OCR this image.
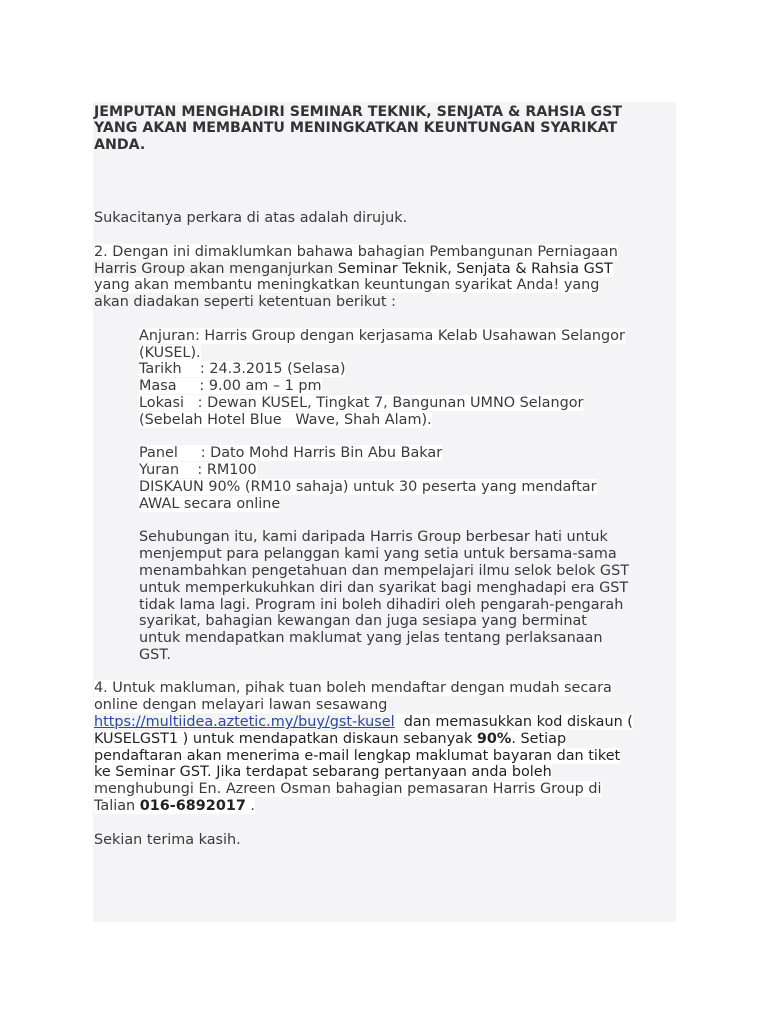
JEMPUTAN MENGHADIRI SEMINAR TEKNIK, SENJATA & RAHSIA GST
YANG AKAN MEMBANTU MENINGKATKAN KEUNTUNGAN SYARIKAT
ANDA.
Sukacitanya perkara di atas adalah dirujuk.
2. Dengan ini dimaklumkan bahawa bahagian Pembangunan Perniagaan
Harris Group akan menganjurkan Seminar Teknik, Senjata & Rahsia GST
yang akan membantu meningkatkan keuntungan syarikat Anda! yang
akan diadakan seperti ketentuan berikut :
Anjuran: Harris Group dengan kerjasama Kelab Usahawan Selangor
(KUSEL).
Tarikh    : 24.3.2015 (Selasa)
Masa     : 9.00 am – 1 pm
Lokasi   : Dewan KUSEL, Tingkat 7, Bangunan UMNO Selangor
(Sebelah Hotel Blue   Wave, Shah Alam).
Panel     : Dato Mohd Harris Bin Abu Bakar
Yuran    : RM100
DISKAUN 90% (RM10 sahaja) untuk 30 peserta yang mendaftar
AWAL secara online
Sehubungan itu, kami daripada Harris Group berbesar hati untuk
menjemput para pelanggan kami yang setia untuk bersama-sama
menambahkan pengetahuan dan mempelajari ilmu selok belok GST
untuk memperkukuhkan diri dan syarikat bagi menghadapi era GST
tidak lama lagi. Program ini boleh dihadiri oleh pengarah-pengarah
syarikat, bahagian kewangan dan juga sesiapa yang berminat
untuk mendapatkan maklumat yang jelas tentang perlaksanaan
GST.
4. Untuk makluman, pihak tuan boleh mendaftar dengan mudah secara
online dengan melayari lawan sesawang
https://multiidea.aztetic.my/buy/gst-kusel  dan memasukkan kod diskaun (
KUSELGST1 ) untuk mendapatkan diskaun sebanyak 90%. Setiap
pendaftaran akan menerima e-mail lengkap maklumat bayaran dan tiket
ke Seminar GST. Jika terdapat sebarang pertanyaan anda boleh
menghubungi En. Azreen Osman bahagian pemasaran Harris Group di
Talian 016-6892017 .
Sekian terima kasih.
